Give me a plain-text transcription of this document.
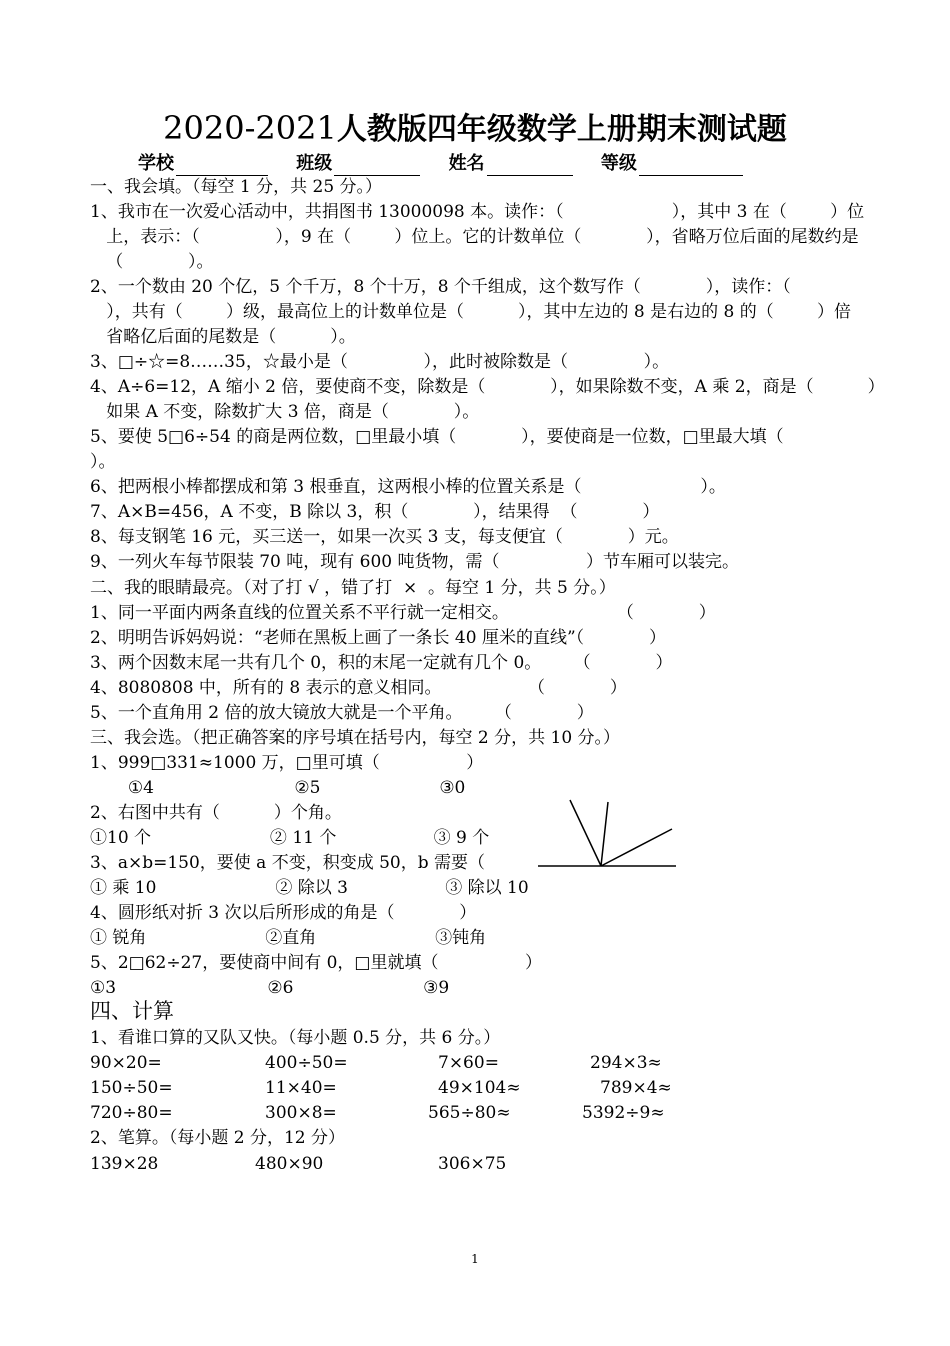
2020-2021人教版四年级数学上册期末测试题
学校	班级	姓名	等级
一、我会填。（每空 1 分，共 25 分。）
1、我市在一次爱心活动中，共捐图书 13000098 本。读作：（                    ），其中 3 在（        ）位
上，表示：（              ），9 在（        ）位上。它的计数单位（            ），省略万位后面的尾数约是
（            ）。
2、一个数由 20 个亿，5 个千万，8 个十万，8 个千组成，这个数写作（            ），读作：（
），共有（        ）级，最高位上的计数单位是（          ），其中左边的 8 是右边的 8 的（        ）倍
省略亿后面的尾数是（          ）。
3、□÷☆=8……35，☆最小是（              ），此时被除数是（              ）。
4、A÷6=12，A 缩小 2 倍，要使商不变，除数是（            ），如果除数不变，A 乘 2，商是（          ）
如果 A 不变，除数扩大 3 倍，商是（            ）。
5、要使 5□6÷54 的商是两位数，□里最小填（            ），要使商是一位数，□里最大填（
）。
6、把两根小棒都摆成和第 3 根垂直，这两根小棒的位置关系是（                      ）。
7、A×B=456，A 不变，B 除以 3，积（            ），结果得  （            ）
8、每支钢笔 16 元，买三送一，如果一次买 3 支，每支便宜（            ）元。
9、一列火车每节限装 70 吨，现有 600 吨货物，需（                ）节车厢可以装完。
二、我的眼睛最亮。（对了打 √ ，错了打  ×  。每空 1 分，共 5 分。）
1、同一平面内两条直线的位置关系不平行就一定相交。                    （            ）
2、明明告诉妈妈说：“老师在黑板上画了一条长 40 厘米的直线”（            ）
3、两个因数末尾一共有几个 0，积的末尾一定就有几个 0。      （            ）
4、8080808 中，所有的 8 表示的意义相同。                （            ）
5、一个直角用 2 倍的放大镜放大就是一个平角。      （            ）
三、我会选。（把正确答案的序号填在括号内，每空 2 分，共 10 分。）
1、999□331≈1000 万，□里可填（                ）
①4                          ②5                      ③0
2、右图中共有（          ）个角。
①10 个                      ② 11 个                  ③ 9 个
3、a×b=150，要使 a 不变，积变成 50，b 需要（
① 乘 10                      ② 除以 3                  ③ 除以 10
4、圆形纸对折 3 次以后所形成的角是（            ）
① 锐角                      ②直角                      ③钝角
5、2□62÷27，要使商中间有 0，□里就填（                ）
①3                            ②6                        ③9
四、计算
1、看谁口算的又队又快。（每小题 0.5 分，共 6 分。）
90×20=	400÷50=	7×60=	294×3≈
150÷50=	11×40=	49×104≈	789×4≈
720÷80=	300×8=	565÷80≈	5392÷9≈
2、笔算。（每小题 2 分，12 分）
139×28	480×90	306×75
1
